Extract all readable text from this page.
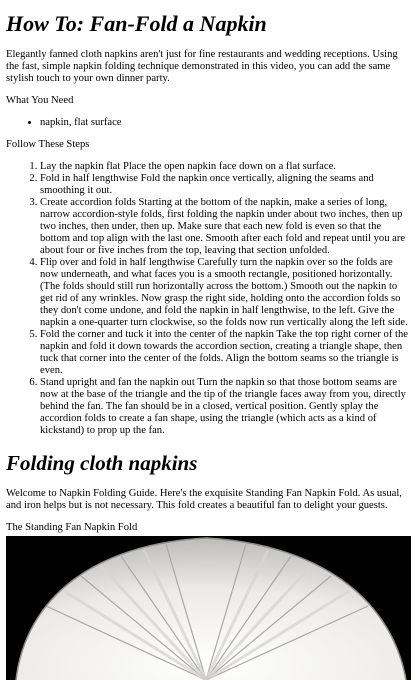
How To: Fan-Fold a Napkin

Elegantly fanned cloth napkins aren't just for fine restaurants and wedding receptions. Using the fast, simple napkin folding technique demonstrated in this video, you can add the same stylish touch to your own dinner party.

What You Need

• napkin, flat surface

Follow These Steps

1. Lay the napkin flat Place the open napkin face down on a flat surface.
2. Fold in half lengthwise Fold the napkin once vertically, aligning the seams and smoothing it out.
3. Create accordion folds Starting at the bottom of the napkin, make a series of long, narrow accordion-style folds, first folding the napkin under about two inches, then up two inches, then under, then up. Make sure that each new fold is even so that the bottom and top align with the last one. Smooth after each fold and repeat until you are about four or five inches from the top, leaving that section unfolded.
4. Flip over and fold in half lengthwise Carefully turn the napkin over so the folds are now underneath, and what faces you is a smooth rectangle, positioned horizontally. (The folds should still run horizontally across the bottom.) Smooth out the napkin to get rid of any wrinkles. Now grasp the right side, holding onto the accordion folds so they don't come undone, and fold the napkin in half lengthwise, to the left. Give the napkin a one-quarter turn clockwise, so the folds now run vertically along the left side.
5. Fold the corner and tuck it into the center of the napkin Take the top right corner of the napkin and fold it down towards the accordion section, creating a triangle shape, then tuck that corner into the center of the folds. Align the bottom seams so the triangle is even.
6. Stand upright and fan the napkin out Turn the napkin so that those bottom seams are now at the base of the triangle and the tip of the triangle faces away from you, directly behind the fan. The fan should be in a closed, vertical position. Gently splay the accordion folds to create a fan shape, using the triangle (which acts as a kind of kickstand) to prop up the fan.
Folding cloth napkins

Welcome to Napkin Folding Guide. Here's the exquisite Standing Fan Napkin Fold. As usual, and iron helps but is not necessary. This fold creates a beautiful fan to delight your guests.

The Standing Fan Napkin Fold
